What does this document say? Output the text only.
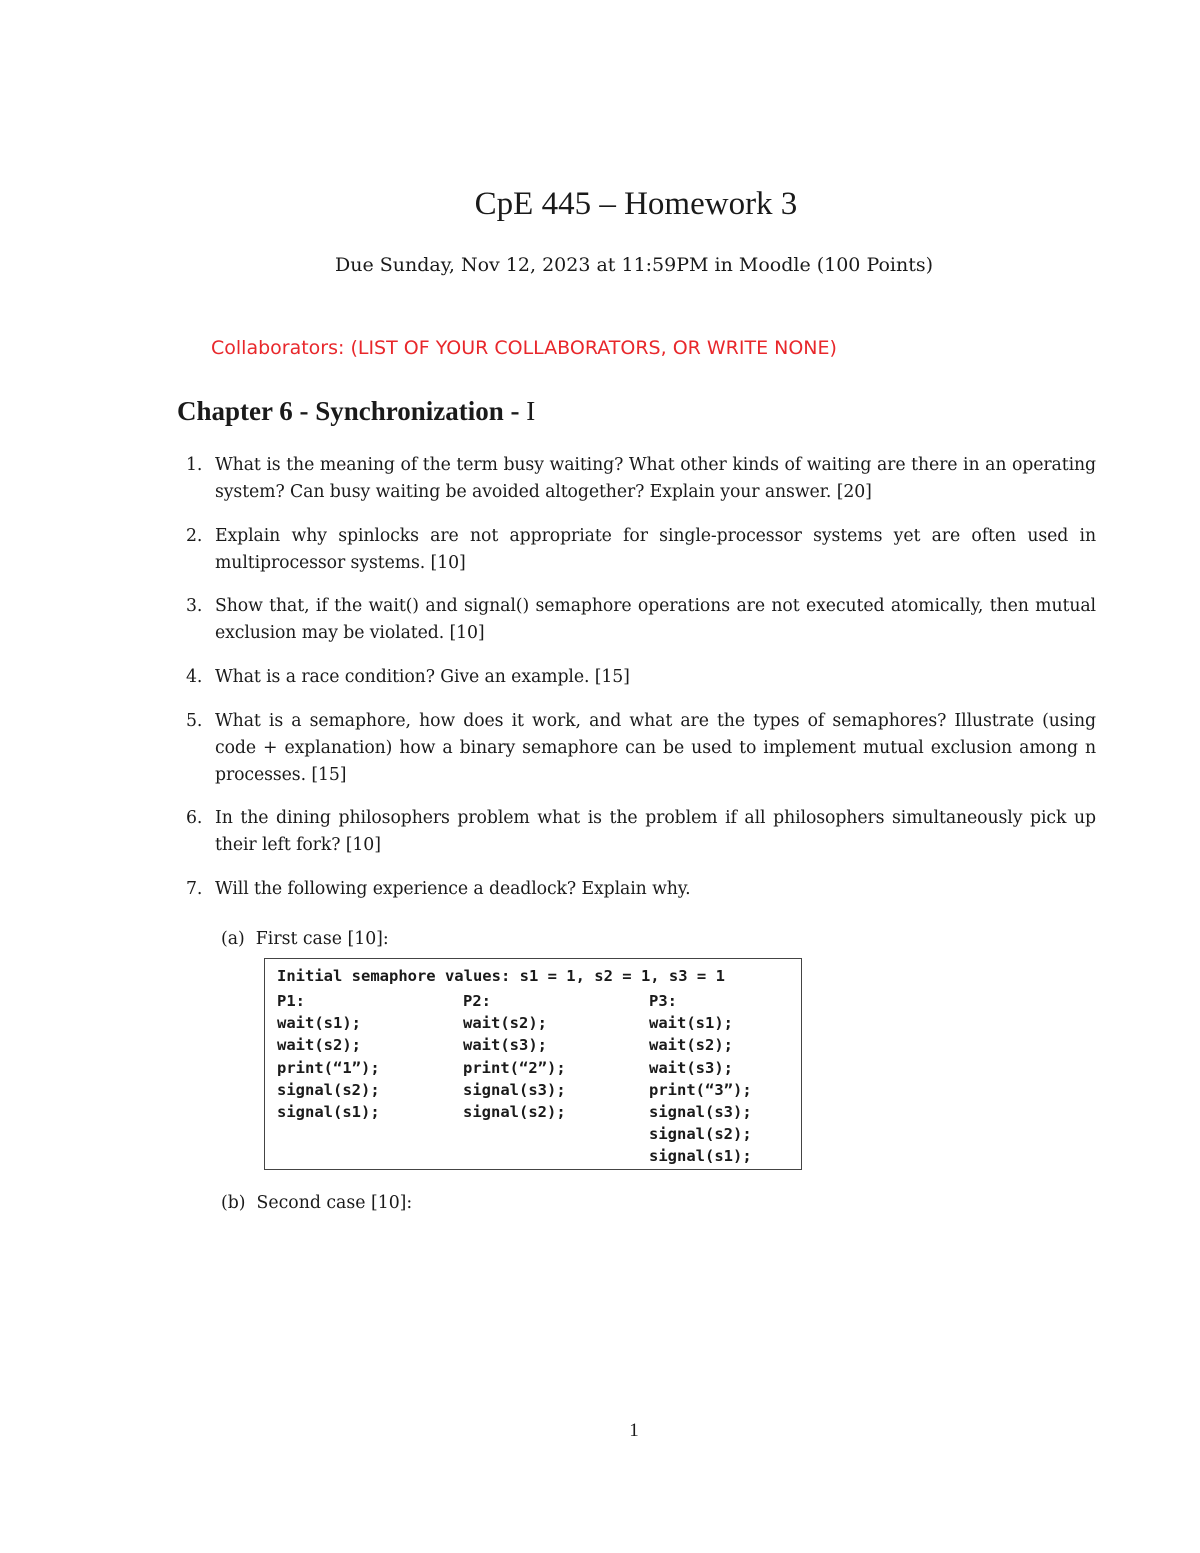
CpE 445 – Homework 3
Due Sunday, Nov 12, 2023 at 11:59PM in Moodle (100 Points)
Collaborators: (LIST OF YOUR COLLABORATORS, OR WRITE NONE)
Chapter 6 - Synchronization - I
1. What is the meaning of the term busy waiting? What other kinds of waiting are there in an operating system? Can busy waiting be avoided altogether? Explain your answer. [20]
2. Explain why spinlocks are not appropriate for single-processor systems yet are often used in multiprocessor systems. [10]
3. Show that, if the wait() and signal() semaphore operations are not executed atomically, then mutual exclusion may be violated. [10]
4. What is a race condition? Give an example. [15]
5. What is a semaphore, how does it work, and what are the types of semaphores? Illustrate (using code + explanation) how a binary semaphore can be used to implement mutual exclusion among n processes. [15]
6. In the dining philosophers problem what is the problem if all philosophers simultaneously pick up their left fork? [10]
7. Will the following experience a deadlock? Explain why.
(a) First case [10]:
Initial semaphore values: s1 = 1, s2 = 1, s3 = 1
P1:
wait(s1);
wait(s2);
print(“1”);
signal(s2);
signal(s1);
P2:
wait(s2);
wait(s3);
print(“2”);
signal(s3);
signal(s2);
P3:
wait(s1);
wait(s2);
wait(s3);
print(“3”);
signal(s3);
signal(s2);
signal(s1);
(b) Second case [10]:
1
